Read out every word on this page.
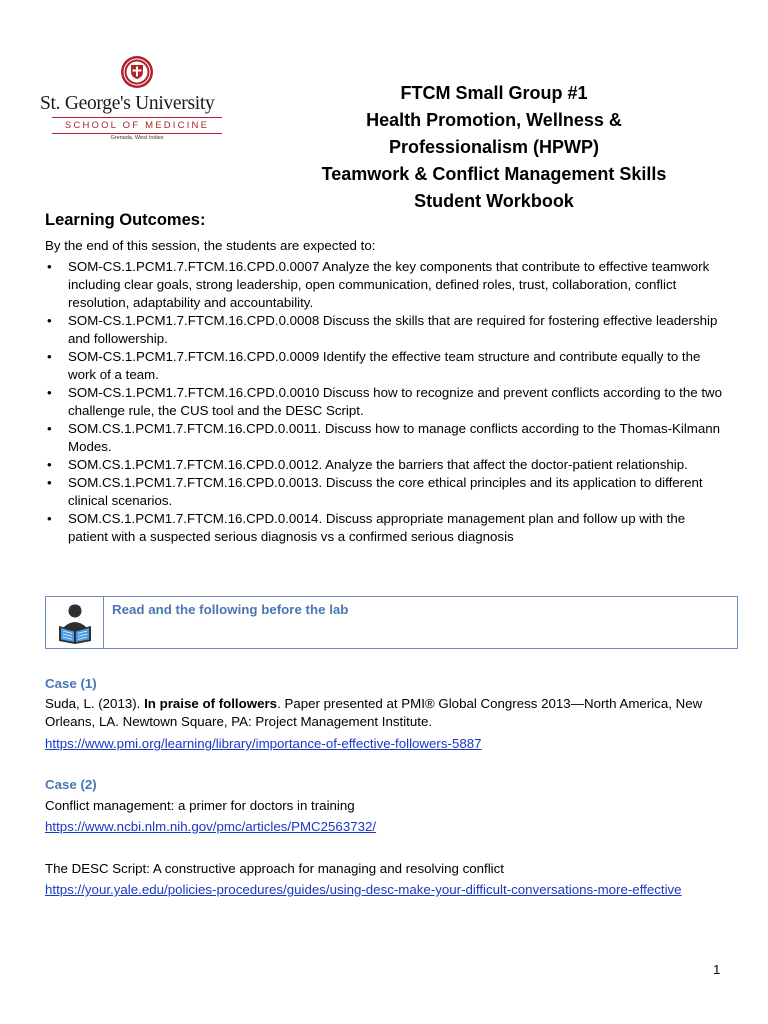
St. George's University
SCHOOL OF MEDICINE
Grenada, West Indies
FTCM Small Group #1
Health Promotion, Wellness &
Professionalism (HPWP)
Teamwork & Conflict Management Skills
Student Workbook
Learning Outcomes:
By the end of this session, the students are expected to:
• SOM-CS.1.PCM1.7.FTCM.16.CPD.0.0007 Analyze the key components that contribute to effective teamwork including clear goals, strong leadership, open communication, defined roles, trust, collaboration, conflict resolution, adaptability and accountability.
• SOM-CS.1.PCM1.7.FTCM.16.CPD.0.0008 Discuss the skills that are required for fostering effective leadership and followership.
• SOM-CS.1.PCM1.7.FTCM.16.CPD.0.0009 Identify the effective team structure and contribute equally to the work of a team.
• SOM-CS.1.PCM1.7.FTCM.16.CPD.0.0010 Discuss how to recognize and prevent conflicts according to the two challenge rule, the CUS tool and the DESC Script.
• SOM.CS.1.PCM1.7.FTCM.16.CPD.0.0011. Discuss how to manage conflicts according to the Thomas-Kilmann Modes.
• SOM.CS.1.PCM1.7.FTCM.16.CPD.0.0012. Analyze the barriers that affect the doctor-patient relationship.
• SOM.CS.1.PCM1.7.FTCM.16.CPD.0.0013. Discuss the core ethical principles and its application to different clinical scenarios.
• SOM.CS.1.PCM1.7.FTCM.16.CPD.0.0014. Discuss appropriate management plan and follow up with the patient with a suspected serious diagnosis vs a confirmed serious diagnosis
Read and the following before the lab
Case (1)
Suda, L. (2013). In praise of followers. Paper presented at PMI® Global Congress 2013—North America, New Orleans, LA. Newtown Square, PA: Project Management Institute.
https://www.pmi.org/learning/library/importance-of-effective-followers-5887
Case (2)
Conflict management: a primer for doctors in training
https://www.ncbi.nlm.nih.gov/pmc/articles/PMC2563732/
The DESC Script: A constructive approach for managing and resolving conflict
https://your.yale.edu/policies-procedures/guides/using-desc-make-your-difficult-conversations-more-effective
1
